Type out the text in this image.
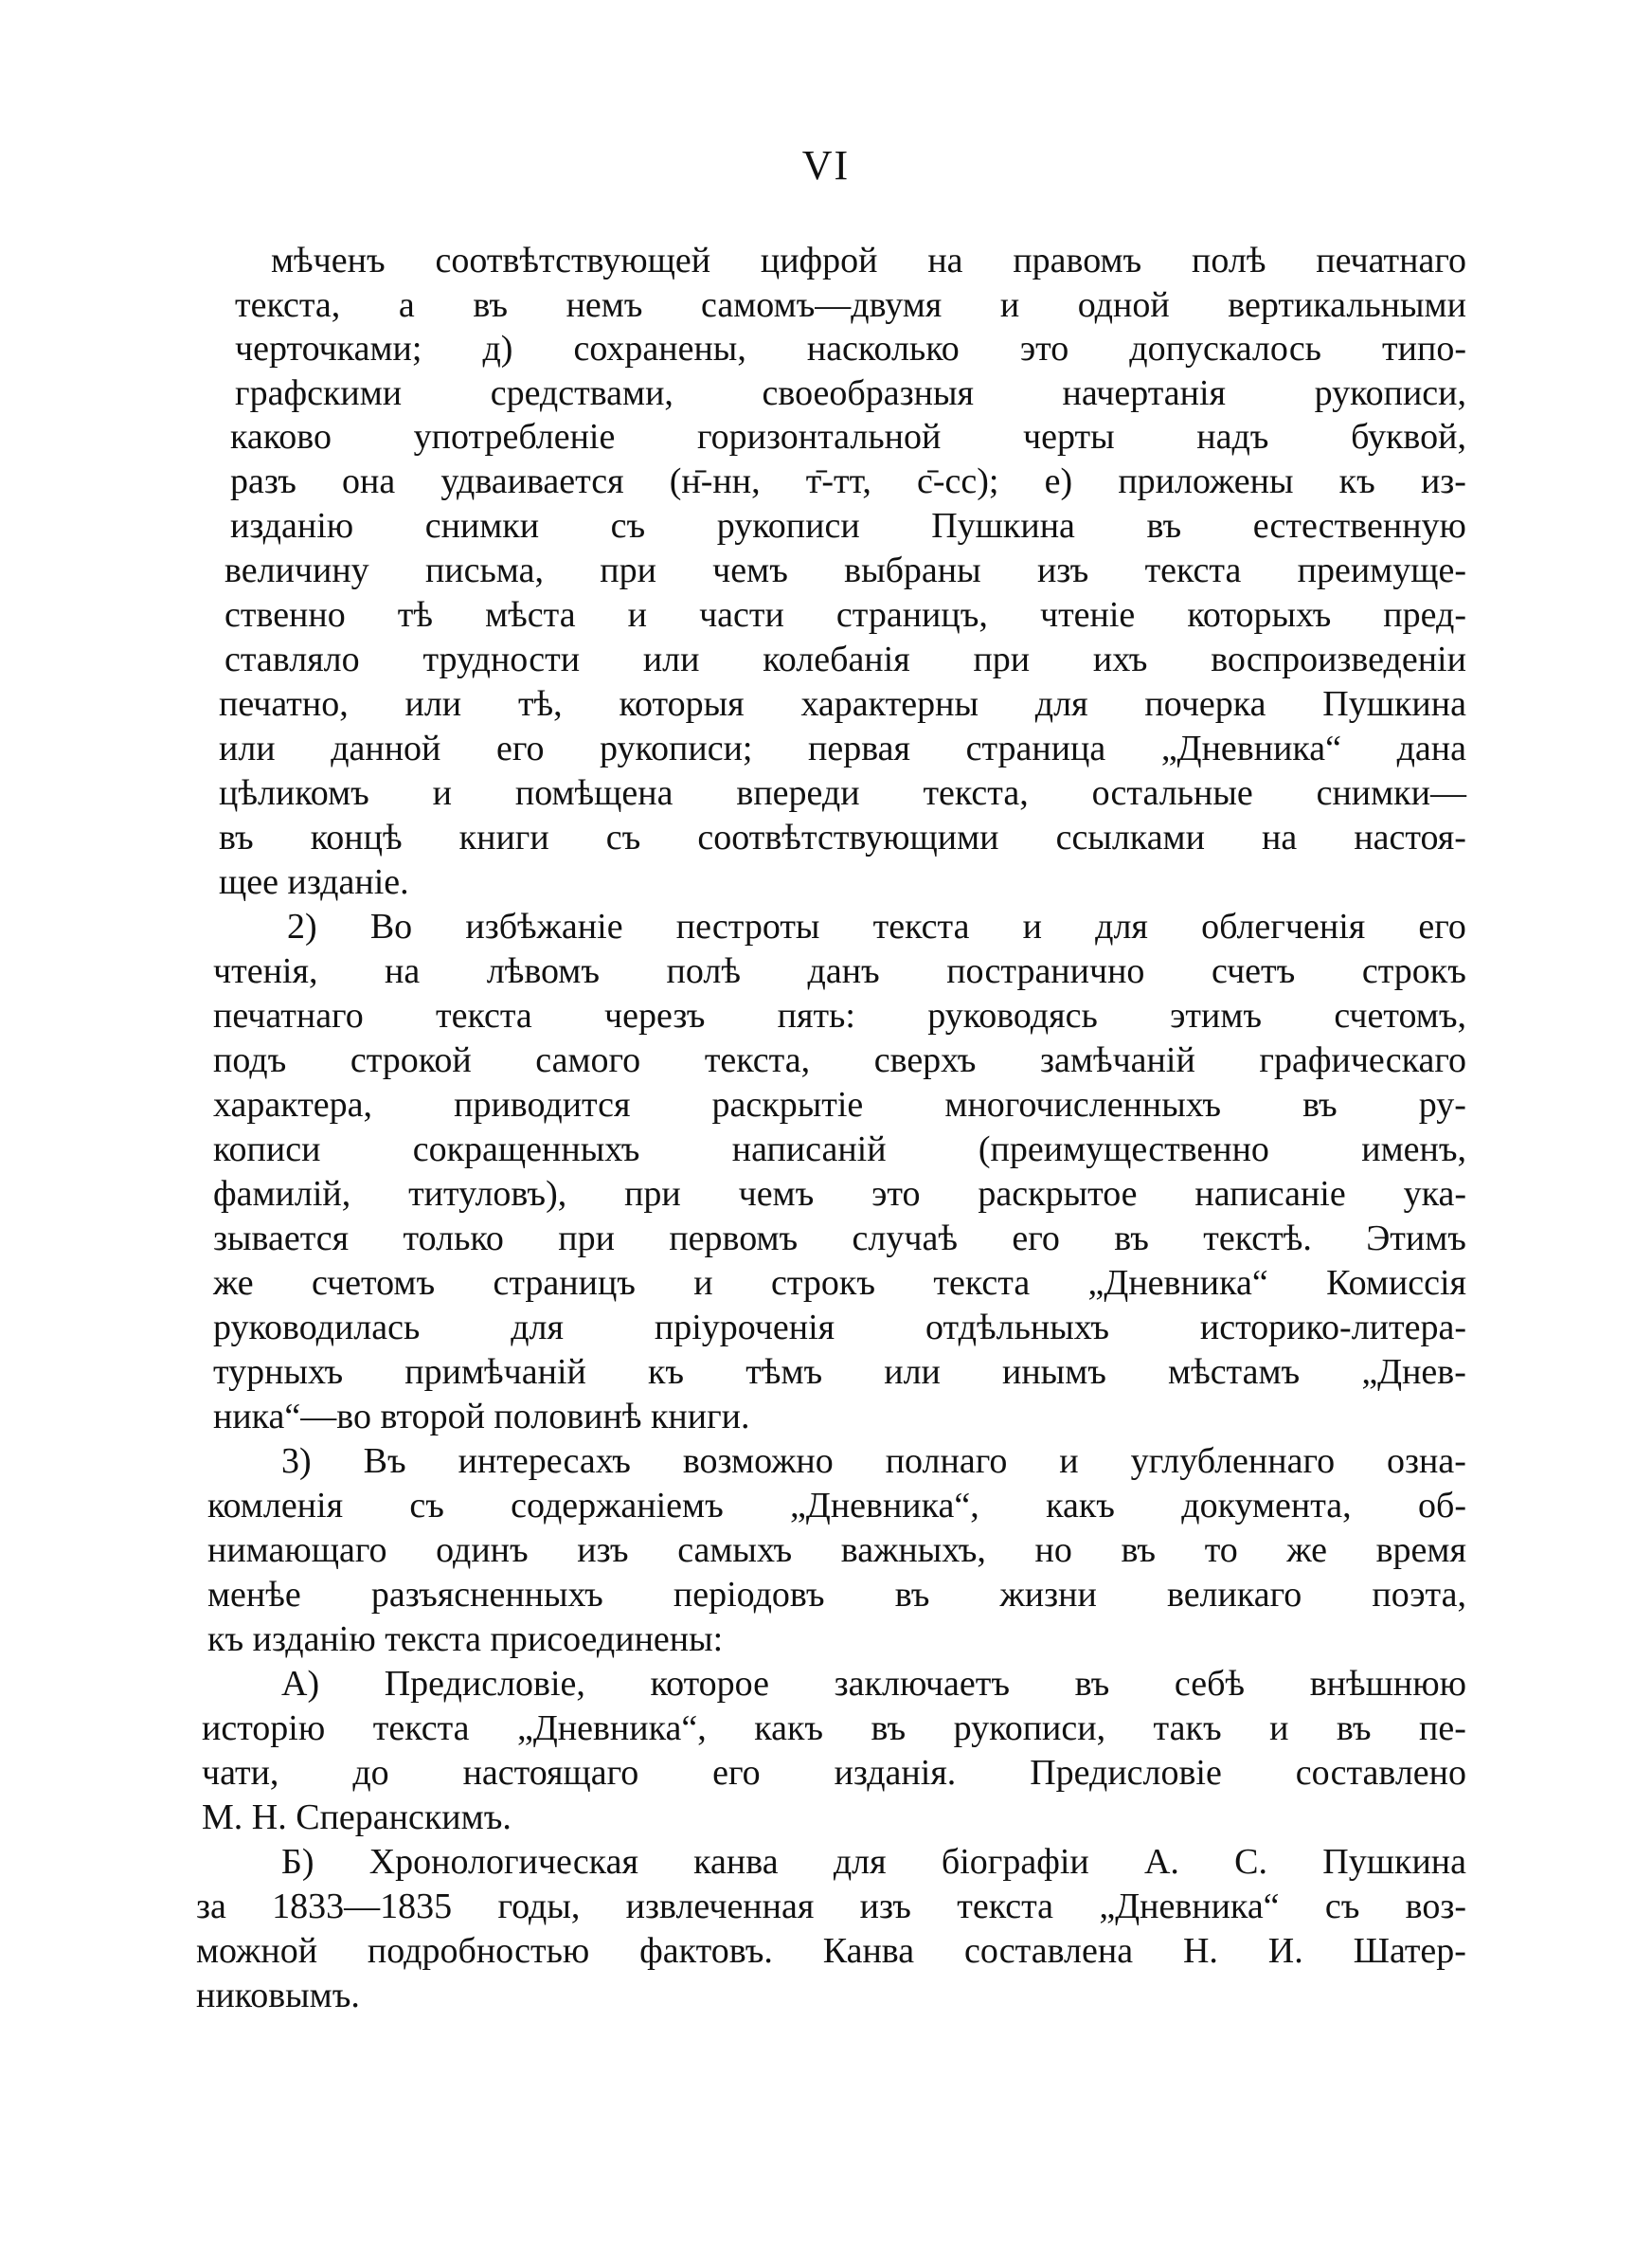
VI
мѣченъ соотвѣтствующей цифрой на правомъ полѣ печатнаго
текста, а въ немъ самомъ—двумя и одной вертикальными
черточками; д) сохранены, насколько это допускалось типо-
графскими средствами, своеобразныя начертанія рукописи,
каково употребленіе горизонтальной черты надъ буквой,
разъ она удваивается (н̄-нн, т̄-тт, с̄-сс); е) приложены къ из-
изданію снимки съ рукописи Пушкина въ естественную
величину письма, при чемъ выбраны изъ текста преимуще-
ственно тѣ мѣста и части страницъ, чтеніе которыхъ пред-
ставляло трудности или колебанія при ихъ воспроизведеніи
печатно, или тѣ, которыя характерны для почерка Пушкина
или данной его рукописи; первая страница „Дневника“ дана
цѣликомъ и помѣщена впереди текста, остальные снимки—
въ концѣ книги съ соотвѣтствующими ссылками на настоя-
щее изданіе.
2) Во избѣжаніе пестроты текста и для облегченія его
чтенія, на лѣвомъ полѣ данъ постранично счетъ строкъ
печатнаго текста черезъ пять: руководясь этимъ счетомъ,
подъ строкой самого текста, сверхъ замѣчаній графическаго
характера, приводится раскрытіе многочисленныхъ въ ру-
кописи	сокращенныхъ	написаній	(преимущественно	именъ,
фамилій, титуловъ), при чемъ это раскрытое написаніе ука-
зывается только при первомъ случаѣ его въ текстѣ. Этимъ
же счетомъ страницъ и строкъ текста „Дневника“ Комиссія
руководилась	для	пріуроченія	отдѣльныхъ	историко-литера-
турныхъ примѣчаній къ тѣмъ или инымъ мѣстамъ „Днев-
ника“—во второй половинѣ книги.
3) Въ интересахъ возможно полнаго и углубленнаго озна-
комленія съ содержаніемъ „Дневника“, какъ документа, об-
нимающаго одинъ изъ самыхъ важныхъ, но въ то же время
менѣе разъясненныхъ періодовъ въ жизни великаго поэта,
къ изданію текста присоединены:
А) Предисловіе, которое заключаетъ въ себѣ внѣшнюю
исторію текста „Дневника“, какъ въ рукописи, такъ и въ пе-
чати, до настоящаго его изданія. Предисловіе составлено
М. Н. Сперанскимъ.
Б) Хронологическая канва для біографіи А. С. Пушкина
за 1833—1835 годы, извлеченная изъ текста „Дневника“ съ воз-
можной подробностью фактовъ. Канва составлена Н. И. Шатер-
никовымъ.
